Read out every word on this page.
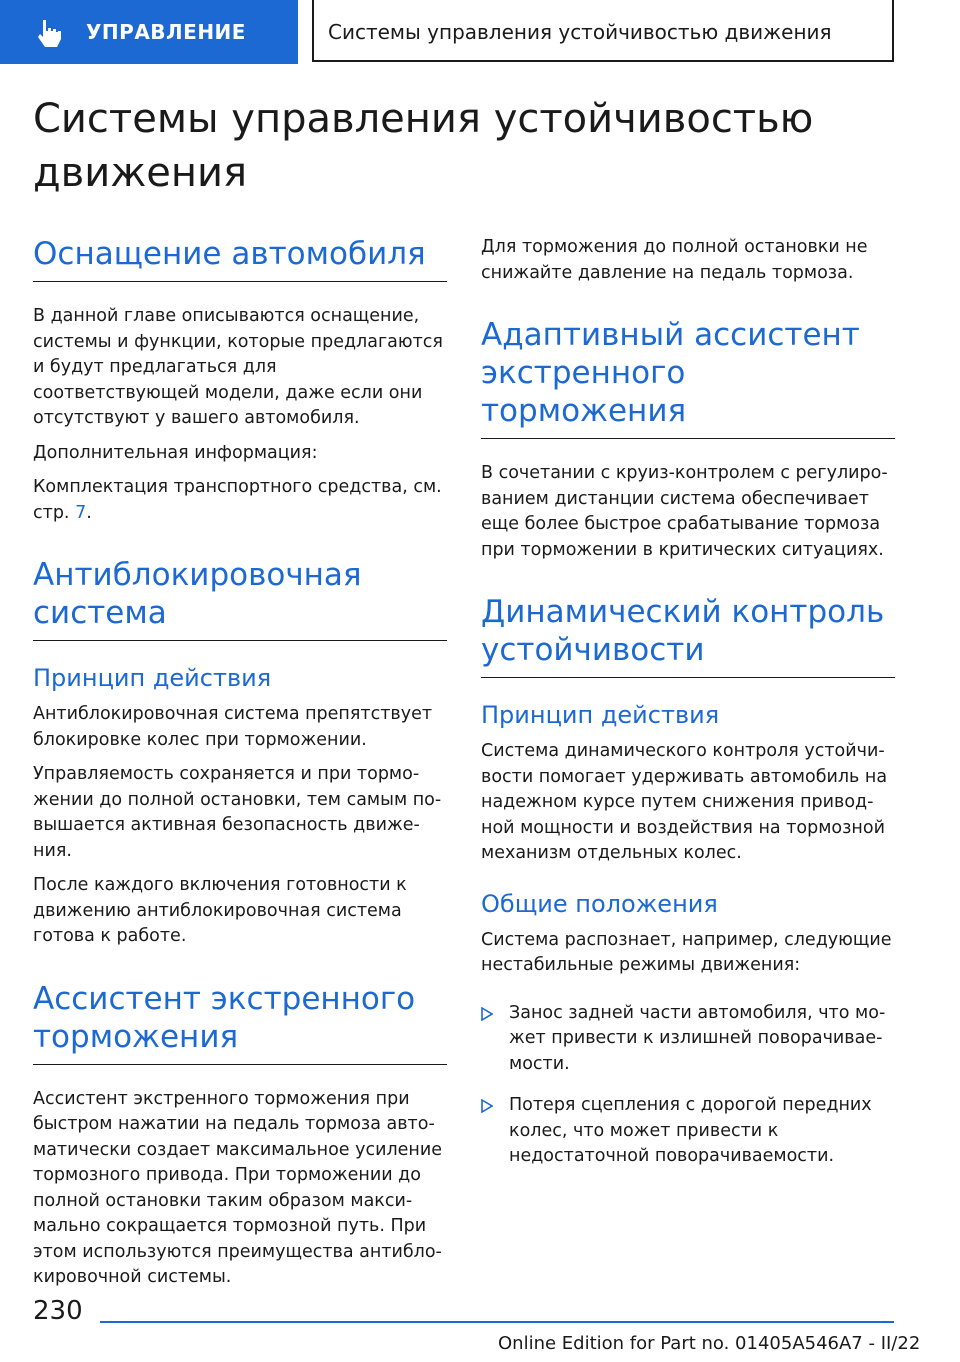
УПРАВЛЕНИЕ	Системы управления устойчивостью движения
Системы управления устойчивостью движения
Оснащение автомобиля

В данной главе описываются оснащение, системы и функции, которые предлагаются и будут предлагаться для соответствующей модели, даже если они отсутствуют у вашего автомобиля.

Дополнительная информация:

Комплектация транспортного средства, см. стр. 7.

Антиблокировочная система
Принцип действия

Антиблокировочная система препятствует блокировке колес при торможении.

Управляемость сохраняется и при торможении до полной остановки, тем самым повышается активная безопасность движения.

После каждого включения готовности к движению антиблокировочная система готова к работе.

Ассистент экстренного торможения

Ассистент экстренного торможения при быстром нажатии на педаль тормоза автоматически создает максимальное усиление тормозного привода. При торможении до полной остановки таким образом максимально сокращается тормозной путь. При этом используются преимущества антиблокировочной системы.

Для торможения до полной остановки не снижайте давление на педаль тормоза.

Адаптивный ассистент экстренного торможения

В сочетании с круиз-контролем с регулированием дистанции система обеспечивает еще более быстрое срабатывание тормоза при торможении в критических ситуациях.

Динамический контроль устойчивости
Принцип действия

Система динамического контроля устойчивости помогает удерживать автомобиль на надежном курсе путем снижения приводной мощности и воздействия на тормозной механизм отдельных колес.

Общие положения

Система распознает, например, следующие нестабильные режимы движения:

Занос задней части автомобиля, что может привести к излишней поворачиваемости.
Потеря сцепления с дорогой передних колес, что может привести к недостаточной поворачиваемости.
230
Online Edition for Part no. 01405A546A7 - II/22
